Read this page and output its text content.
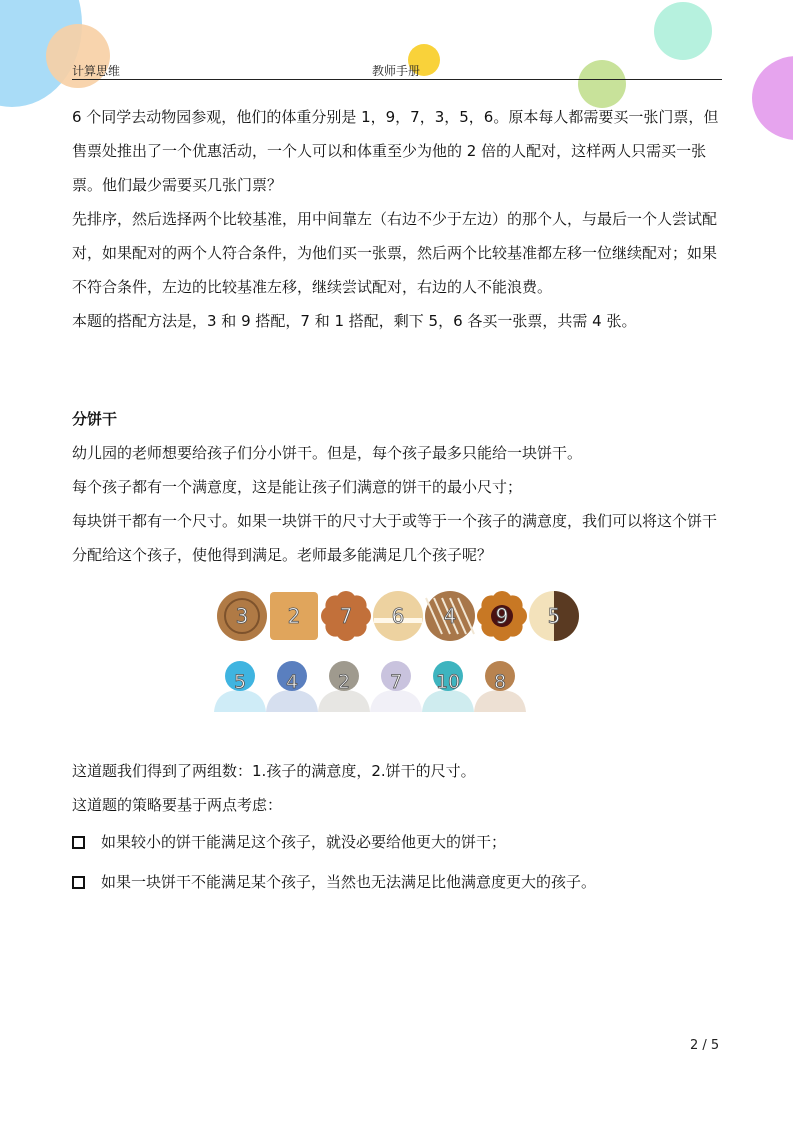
计算思维	教师手册

6 个同学去动物园参观，他们的体重分别是 1，9，7，3，5，6。原本每人都需要买一张门票，但售票处推出了一个优惠活动，一个人可以和体重至少为他的 2 倍的人配对，这样两人只需买一张票。他们最少需要买几张门票？

先排序，然后选择两个比较基准，用中间靠左（右边不少于左边）的那个人，与最后一个人尝试配对，如果配对的两个人符合条件，为他们买一张票，然后两个比较基准都左移一位继续配对；如果不符合条件，左边的比较基准左移，继续尝试配对，右边的人不能浪费。

本题的搭配方法是，3 和 9 搭配，7 和 1 搭配，剩下 5，6 各买一张票，共需 4 张。

分饼干

幼儿园的老师想要给孩子们分小饼干。但是，每个孩子最多只能给一块饼干。

每个孩子都有一个满意度，这是能让孩子们满意的饼干的最小尺寸；

每块饼干都有一个尺寸。如果一块饼干的尺寸大于或等于一个孩子的满意度，我们可以将这个饼干分配给这个孩子，使他得到满足。老师最多能满足几个孩子呢？

3 2 7 6 4 9 5
5 4 2 7 10 8

这道题我们得到了两组数：1.孩子的满意度，2.饼干的尺寸。

这道题的策略要基于两点考虑：

如果较小的饼干能满足这个孩子，就没必要给他更大的饼干；
如果一块饼干不能满足某个孩子，当然也无法满足比他满意度更大的孩子。
2 / 5
